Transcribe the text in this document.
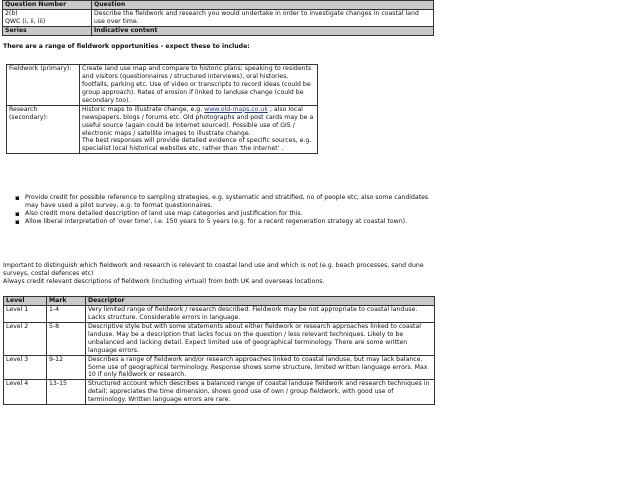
Question Number	Question

2(b)
QWC (i, ii, iii)	Describe the fieldwork and research you would undertake in order to investigate changes in coastal land use over time.
Series	Indicative content
There are a range of fieldwork opportunities - expect these to include:
Fieldwork (primary):	Create land use map and compare to historic plans; speaking to residents and visitors (questionnaires / structured interviews), oral histories, footfalls, parking etc. Use of video or transcripts to record ideas (could be group approach). Rates of erosion if linked to landuse change (could be secondary too).
Research (secondary):	Historic maps to illustrate change, e.g. www.old-maps.co.uk ; also local newspapers, blogs / forums etc. Old photographs and post cards may be a useful source (again could be internet sourced). Possible use of GIS / electronic maps / satellite images to illustrate change.
The best responses will provide detailed evidence of specific sources, e.g. specialist local historical websites etc, rather than 'the internet' .
▪ Provide credit for possible reference to sampling strategies, e.g. systematic and stratified, no of people etc; also some candidates may have used a pilot survey, e.g. to format questionnaires.
▪ Also credit more detailed description of land use map categories and justification for this.
▪ Allow liberal interpretation of 'over time', i.e. 150 years to 5 years (e.g. for a recent regeneration strategy at coastal town).
Important to distinguish which fieldwork and research is relevant to coastal land use and which is not (e.g. beach processes, sand dune surveys, costal defences etc)
Always credit relevant descriptions of fieldwork (including virtual) from both UK and overseas locations.
Level	Mark	Descriptor
Level 1	1-4	Very limited range of fieldwork / research described. Fieldwork may be not appropriate to coastal landuse. Lacks structure. Considerable errors in language.
Level 2	5-8	Descriptive style but with some statements about either fieldwork or research approaches linked to coastal landuse. May be a description that lacks focus on the question / less relevant techniques. Likely to be unbalanced and lacking detail. Expect limited use of geographical terminology. There are some written language errors.
Level 3	9-12	Describes a range of fieldwork and/or research approaches linked to coastal landuse, but may lack balance. Some use of geographical terminology. Response shows some structure, limited written language errors. Max 10 if only fieldwork or research.
Level 4	13-15	Structured account which describes a balanced range of coastal landuse fieldwork and research techniques in detail; appreciates the time dimension, shows good use of own / group fieldwork, with good use of terminology. Written language errors are rare.
